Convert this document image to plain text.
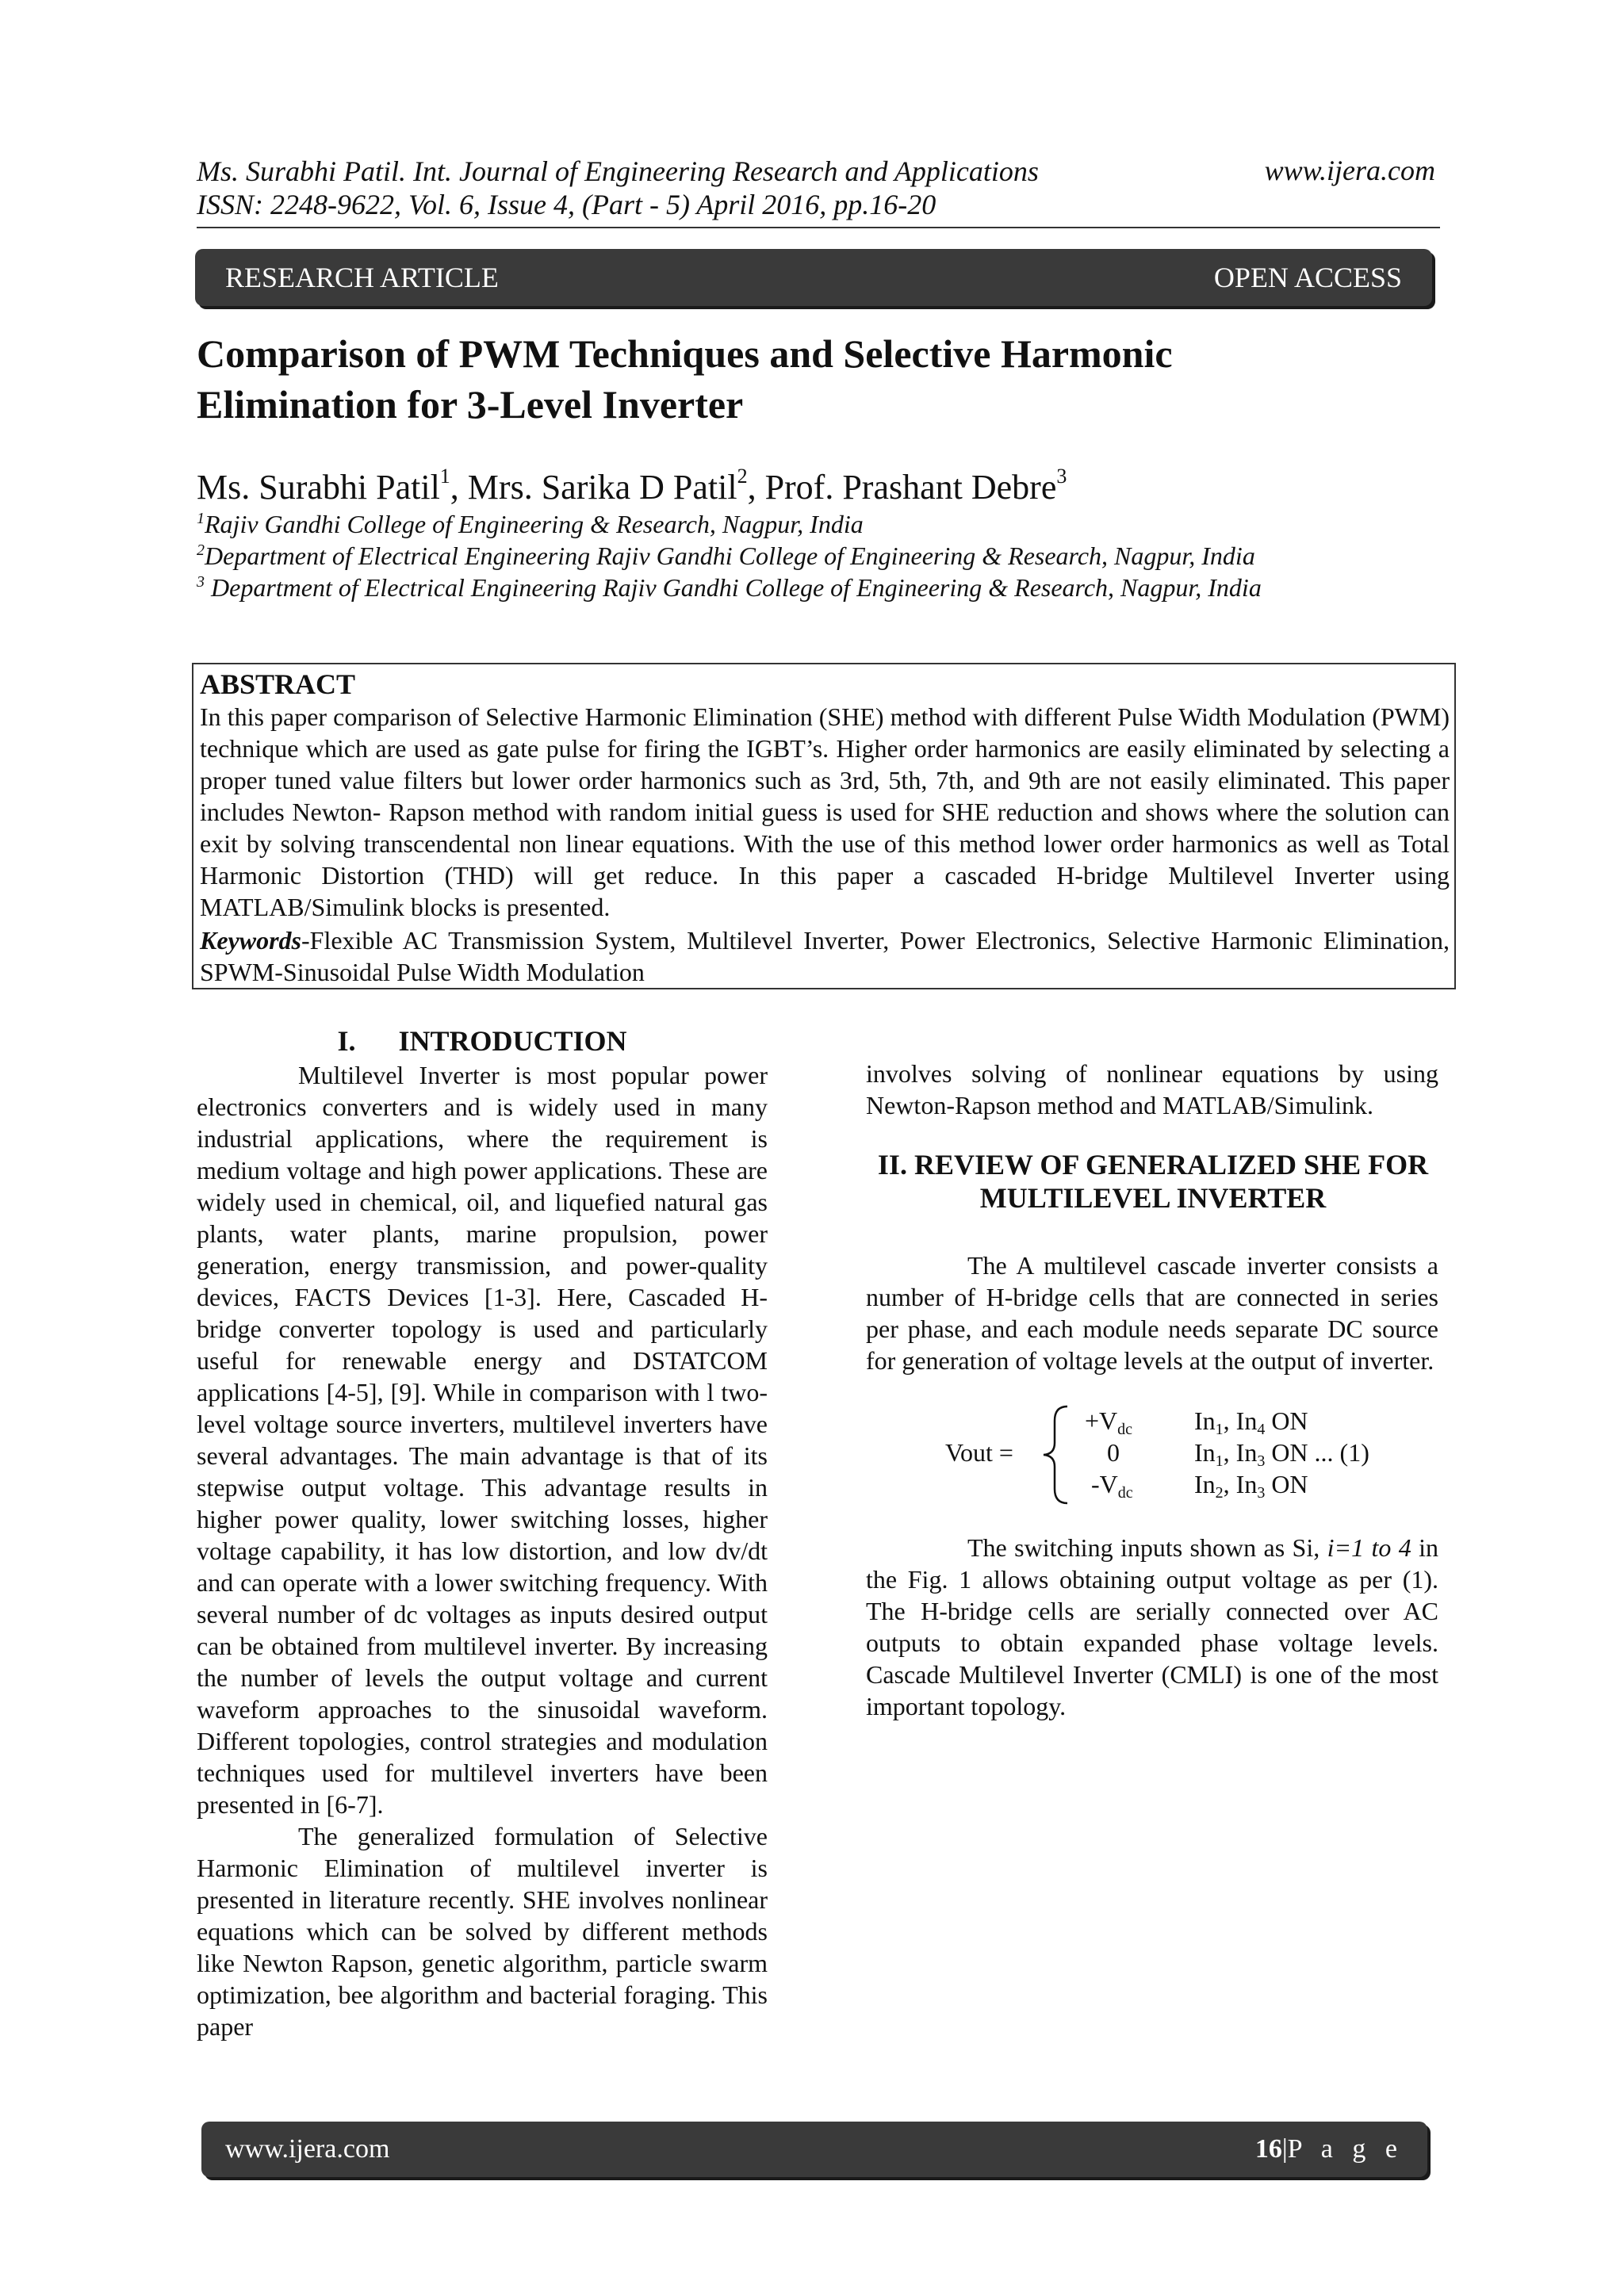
Ms. Surabhi Patil. Int. Journal of Engineering Research and Applications
ISSN: 2248-9622, Vol. 6, Issue 4, (Part - 5) April 2016, pp.16-20
www.ijera.com
RESEARCH ARTICLE	OPEN ACCESS
Comparison of PWM Techniques and Selective Harmonic
Elimination for 3-Level Inverter
Ms. Surabhi Patil$^1$, Mrs. Sarika D Patil$^2$, Prof. Prashant Debre$^3$
$^1$Rajiv Gandhi College of Engineering & Research, Nagpur, India
$^2$Department of Electrical Engineering Rajiv Gandhi College of Engineering & Research, Nagpur, India
$^3$ Department of Electrical Engineering Rajiv Gandhi College of Engineering & Research, Nagpur, India
ABSTRACT
In this paper comparison of Selective Harmonic Elimination (SHE) method with different Pulse Width Modulation (PWM) technique which are used as gate pulse for firing the IGBT’s. Higher order harmonics are easily eliminated by selecting a proper tuned value filters but lower order harmonics such as 3rd, 5th, 7th, and 9th are not easily eliminated. This paper includes Newton- Rapson method with random initial guess is used for SHE reduction and shows where the solution can exit by solving transcendental non linear equations. With the use of this method lower order harmonics as well as Total Harmonic Distortion (THD) will get reduce. In this paper a cascaded H-bridge Multilevel Inverter using MATLAB/Simulink blocks is presented.
Keywords-Flexible AC Transmission System, Multilevel Inverter, Power Electronics, Selective Harmonic Elimination, SPWM-Sinusoidal Pulse Width Modulation
I.      INTRODUCTION

Multilevel Inverter is most popular power electronics converters and is widely used in many industrial applications, where the requirement is medium voltage and high power applications. These are widely used in chemical, oil, and liquefied natural gas plants, water plants, marine propulsion, power generation, energy transmission, and power-quality devices, FACTS Devices [1-3]. Here, Cascaded H-bridge converter topology is used and particularly useful for renewable energy and DSTATCOM applications [4-5], [9]. While in comparison with l two-level voltage source inverters, multilevel inverters have several advantages. The main advantage is that of its stepwise output voltage. This advantage results in higher power quality, lower switching losses, higher voltage capability, it has low distortion, and low dv/dt and can operate with a lower switching frequency. With several number of dc voltages as inputs desired output can be obtained from multilevel inverter. By increasing the number of levels the output voltage and current waveform approaches to the sinusoidal waveform. Different topologies, control strategies and modulation techniques used for multilevel inverters have been presented in [6-7].

The generalized formulation of Selective Harmonic Elimination of multilevel inverter is presented in literature recently. SHE involves nonlinear equations which can be solved by different methods like Newton Rapson, genetic algorithm, particle swarm optimization, bee algorithm and bacterial foraging. This paper

involves solving of nonlinear equations by using Newton-Rapson method and MATLAB/Simulink.
II. REVIEW OF GENERALIZED SHE FOR
MULTILEVEL INVERTER

The A multilevel cascade inverter consists a number of H-bridge cells that are connected in series per phase, and each module needs separate DC source for generation of voltage levels at the output of inverter.

Vout =
$+V_{dc}$
0
$-V_{dc}$
$In_1$, $In_4$ ON
$In_1$, $In_3$ ON ... (1)
$In_2$, $In_3$ ON

The switching inputs shown as Si, i=1 to 4 in the Fig. 1 allows obtaining output voltage as per (1). The H-bridge cells are serially connected over AC outputs to obtain expanded phase voltage levels. Cascade Multilevel Inverter (CMLI) is one of the most important topology.

www.ijera.com	16|P a g e
